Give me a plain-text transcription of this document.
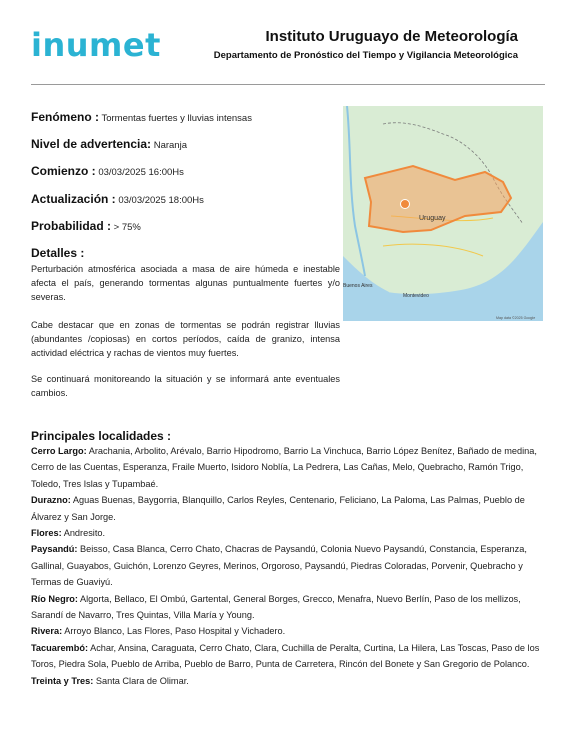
inumet	Instituto Uruguayo de Meteorología
Departamento de Pronóstico del Tiempo y Vigilancia Meteorológica
Fenómeno : Tormentas fuertes y lluvias intensas
Nivel de advertencia: Naranja
Comienzo : 03/03/2025 16:00Hs
Actualización : 03/03/2025 18:00Hs
Probabilidad : > 75%
Detalles :
Perturbación atmosférica asociada a masa de aire húmeda e inestable afecta el país, generando tormentas algunas puntualmente fuertes y/o severas.
Cabe destacar que en zonas de tormentas se podrán registrar lluvias (abundantes /copiosas) en cortos períodos, caída de granizo, intensa actividad eléctrica y rachas de vientos muy fuertes.
Se continuará monitoreando la situación y se informará ante eventuales cambios.
Uruguay
Buenos Aires
Montevideo
Map data ©2025 Google
Principales localidades :

Cerro Largo: Arachania, Arbolito, Arévalo, Barrio Hipodromo, Barrio La Vinchuca, Barrio López Benítez, Bañado de medina, Cerro de las Cuentas, Esperanza, Fraile Muerto, Isidoro Noblía, La Pedrera, Las Cañas, Melo, Quebracho, Ramón Trigo, Toledo, Tres Islas y Tupambaé.

Durazno: Aguas Buenas, Baygorria, Blanquillo, Carlos Reyles, Centenario, Feliciano, La Paloma, Las Palmas, Pueblo de Álvarez y San Jorge.

Flores: Andresito.

Paysandú: Beisso, Casa Blanca, Cerro Chato, Chacras de Paysandú, Colonia Nuevo Paysandú, Constancia, Esperanza, Gallinal, Guayabos, Guichón, Lorenzo Geyres, Merinos, Orgoroso, Paysandú, Piedras Coloradas, Porvenir, Quebracho y Termas de Guaviyú.

Río Negro: Algorta, Bellaco, El Ombú, Gartental, General Borges, Grecco, Menafra, Nuevo Berlín, Paso de los mellizos, Sarandí de Navarro, Tres Quintas, Villa María y Young.

Rivera: Arroyo Blanco, Las Flores, Paso Hospital y Vichadero.

Tacuarembó: Achar, Ansina, Caraguata, Cerro Chato, Clara, Cuchilla de Peralta, Curtina, La Hilera, Las Toscas, Paso de los Toros, Piedra Sola, Pueblo de Arriba, Pueblo de Barro, Punta de Carretera, Rincón del Bonete y San Gregorio de Polanco.

Treinta y Tres: Santa Clara de Olimar.
